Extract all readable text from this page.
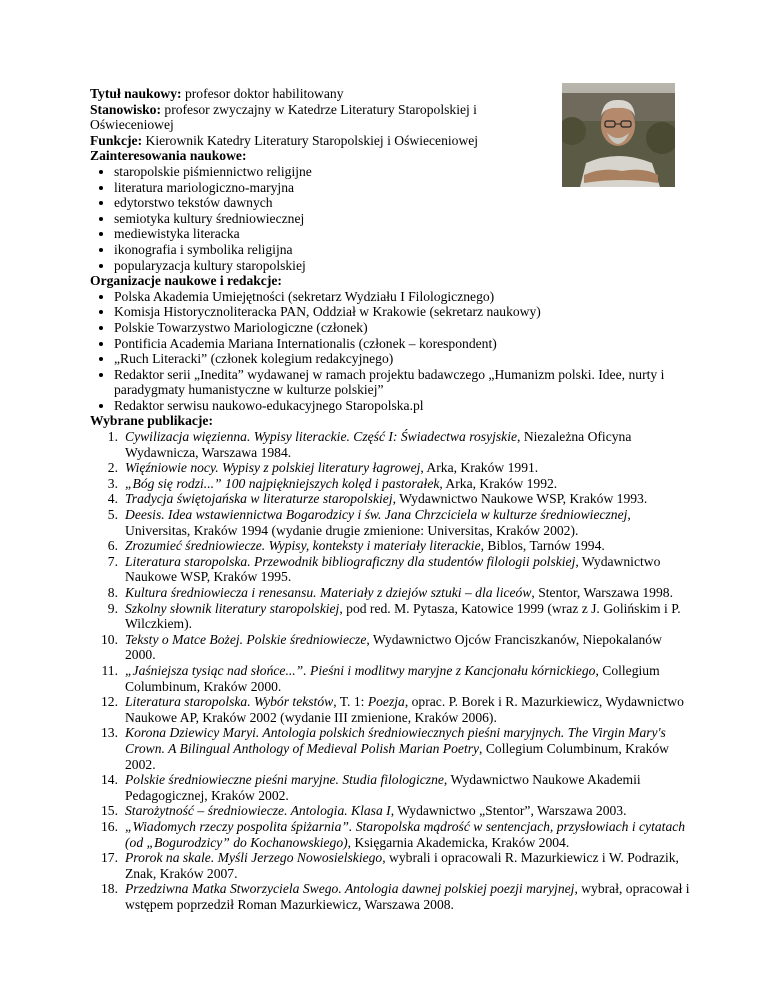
Tytuł naukowy: profesor doktor habilitowany

Stanowisko: profesor zwyczajny w Katedrze Literatury Staropolskiej i Oświeceniowej

Funkcje: Kierownik Katedry Literatury Staropolskiej i Oświeceniowej

Zainteresowania naukowe:

staropolskie piśmiennictwo religijne
literatura mariologiczno-maryjna
edytorstwo tekstów dawnych
semiotyka kultury średniowiecznej
mediewistyka literacka
ikonografia i symbolika religijna
popularyzacja kultury staropolskiej

Organizacje naukowe i redakcje:

Polska Akademia Umiejętności (sekretarz Wydziału I Filologicznego)
Komisja Historycznoliteracka PAN, Oddział w Krakowie (sekretarz naukowy)
Polskie Towarzystwo Mariologiczne (członek)
Pontificia Academia Mariana Internationalis (członek – korespondent)
„Ruch Literacki” (członek kolegium redakcyjnego)
Redaktor serii „Inedita” wydawanej w ramach projektu badawczego „Humanizm polski. Idee, nurty i paradygmaty humanistyczne w kulturze polskiej”
Redaktor serwisu naukowo-edukacyjnego Staropolska.pl

Wybrane publikacje:

1. Cywilizacja więzienna. Wypisy literackie. Część I: Świadectwa rosyjskie, Niezależna Oficyna Wydawnicza, Warszawa 1984.
2. Więźniowie nocy. Wypisy z polskiej literatury łagrowej, Arka, Kraków 1991.
3. „Bóg się rodzi...” 100 najpiękniejszych kolęd i pastorałek, Arka, Kraków 1992.
4. Tradycja świętojańska w literaturze staropolskiej, Wydawnictwo Naukowe WSP, Kraków 1993.
5. Deesis. Idea wstawiennictwa Bogarodzicy i św. Jana Chrzciciela w kulturze średniowiecznej, Universitas, Kraków 1994 (wydanie drugie zmienione: Universitas, Kraków 2002).
6. Zrozumieć średniowiecze. Wypisy, konteksty i materiały literackie, Biblos, Tarnów 1994.
7. Literatura staropolska. Przewodnik bibliograficzny dla studentów filologii polskiej, Wydawnictwo Naukowe WSP, Kraków 1995.
8. Kultura średniowiecza i renesansu. Materiały z dziejów sztuki – dla liceów, Stentor, Warszawa 1998.
9. Szkolny słownik literatury staropolskiej, pod red. M. Pytasza, Katowice 1999 (wraz z J. Golińskim i P. Wilczkiem).
10. Teksty o Matce Bożej. Polskie średniowiecze, Wydawnictwo Ojców Franciszkanów, Niepokalanów 2000.
11. „Jaśniejsza tysiąc nad słońce...”. Pieśni i modlitwy maryjne z Kancjonału kórnickiego, Collegium Columbinum, Kraków 2000.
12. Literatura staropolska. Wybór tekstów, T. 1: Poezja, oprac. P. Borek i R. Mazurkiewicz, Wydawnictwo Naukowe AP, Kraków 2002 (wydanie III zmienione, Kraków 2006).
13. Korona Dziewicy Maryi. Antologia polskich średniowiecznych pieśni maryjnych. The Virgin Mary's Crown. A Bilingual Anthology of Medieval Polish Marian Poetry, Collegium Columbinum, Kraków 2002.
14. Polskie średniowieczne pieśni maryjne. Studia filologiczne, Wydawnictwo Naukowe Akademii Pedagogicznej, Kraków 2002.
15. Starożytność – średniowiecze. Antologia. Klasa I, Wydawnictwo „Stentor”, Warszawa 2003.
16. „Wiadomych rzeczy pospolita śpiżarnia”. Staropolska mądrość w sentencjach, przysłowiach i cytatach (od „Bogurodzicy” do Kochanowskiego), Księgarnia Akademicka, Kraków 2004.
17. Prorok na skale. Myśli Jerzego Nowosielskiego, wybrali i opracowali R. Mazurkiewicz i W. Podrazik, Znak, Kraków 2007.
18. Przedziwna Matka Stworzyciela Swego. Antologia dawnej polskiej poezji maryjnej, wybrał, opracował i wstępem poprzedził Roman Mazurkiewicz, Warszawa 2008.
